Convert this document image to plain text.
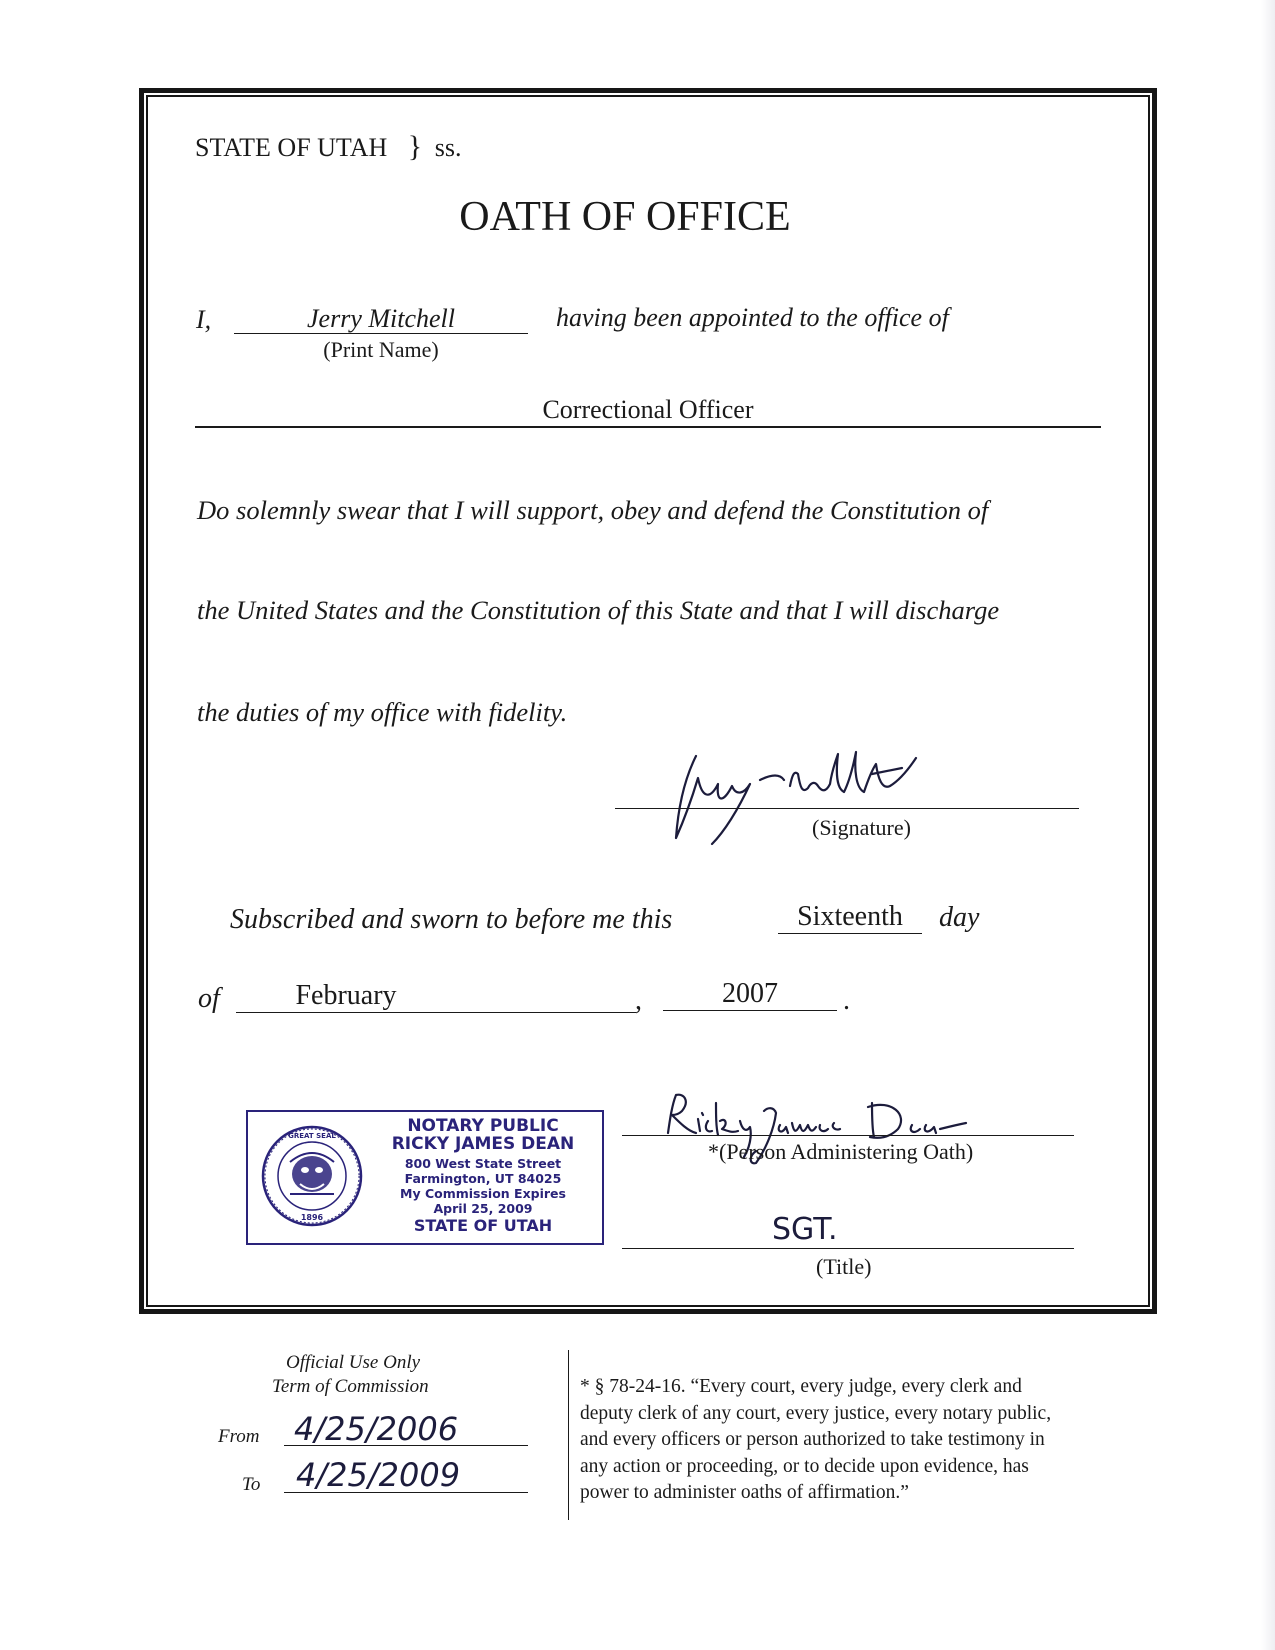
STATE OF UTAH } ss.
OATH OF OFFICE
I,	Jerry Mitchell
(Print Name)
having been appointed to the office of
Correctional Officer
Do solemnly swear that I will support, obey and defend the Constitution of
the United States and the Constitution of this State and that I will discharge
the duties of my office with fidelity.
(Signature)
Subscribed and sworn to before me this	Sixteenth	day
of	February	,	2007	.
GREAT SEAL
1896
NOTARY PUBLIC
RICKY JAMES DEAN
800 West State Street
Farmington, UT 84025
My Commission Expires
April 25, 2009
STATE OF UTAH
*(Person Administering Oath)
SGT.
(Title)
Official Use Only
Term of Commission
From 4/25/2006
To 4/25/2009
* § 78-24-16. “Every court, every judge, every clerk and
deputy clerk of any court, every justice, every notary public,
and every officers or person authorized to take testimony in
any action or proceeding, or to decide upon evidence, has
power to administer oaths of affirmation.”
